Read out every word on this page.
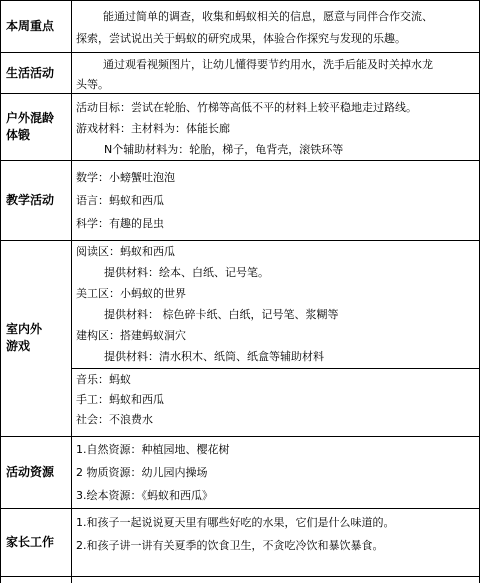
本周重点
能通过简单的调查，收集和蚂蚁相关的信息，愿意与同伴合作交流、
探索，尝试说出关于蚂蚁的研究成果，体验合作探究与发现的乐趣。
生活活动
通过观看视频图片，让幼儿懂得要节约用水，洗手后能及时关掉水龙
头等。
户外混龄
体锻
活动目标：尝试在轮胎、竹梯等高低不平的材料上较平稳地走过路线。
游戏材料：主材料为：体能长廊
N个辅助材料为：轮胎，梯子，龟背壳，滚铁环等
教学活动
数学：小螃蟹吐泡泡
语言：蚂蚁和西瓜
科学：有趣的昆虫
室内外
游戏
阅读区：蚂蚁和西瓜
提供材料：绘本、白纸、记号笔。
美工区：小蚂蚁的世界
提供材料： 棕色碎卡纸、白纸，记号笔、浆糊等
建构区：搭建蚂蚁洞穴
提供材料：清水积木、纸筒、纸盒等辅助材料
音乐：蚂蚁
手工：蚂蚁和西瓜
社会：不浪费水
活动资源
1.自然资源：种植园地、樱花树
2 物质资源：幼儿园内操场
3.绘本资源：《蚂蚁和西瓜》
家长工作
1.和孩子一起说说夏天里有哪些好吃的水果，它们是什么味道的。
2.和孩子讲一讲有关夏季的饮食卫生，不贪吃冷饮和暴饮暴食。
